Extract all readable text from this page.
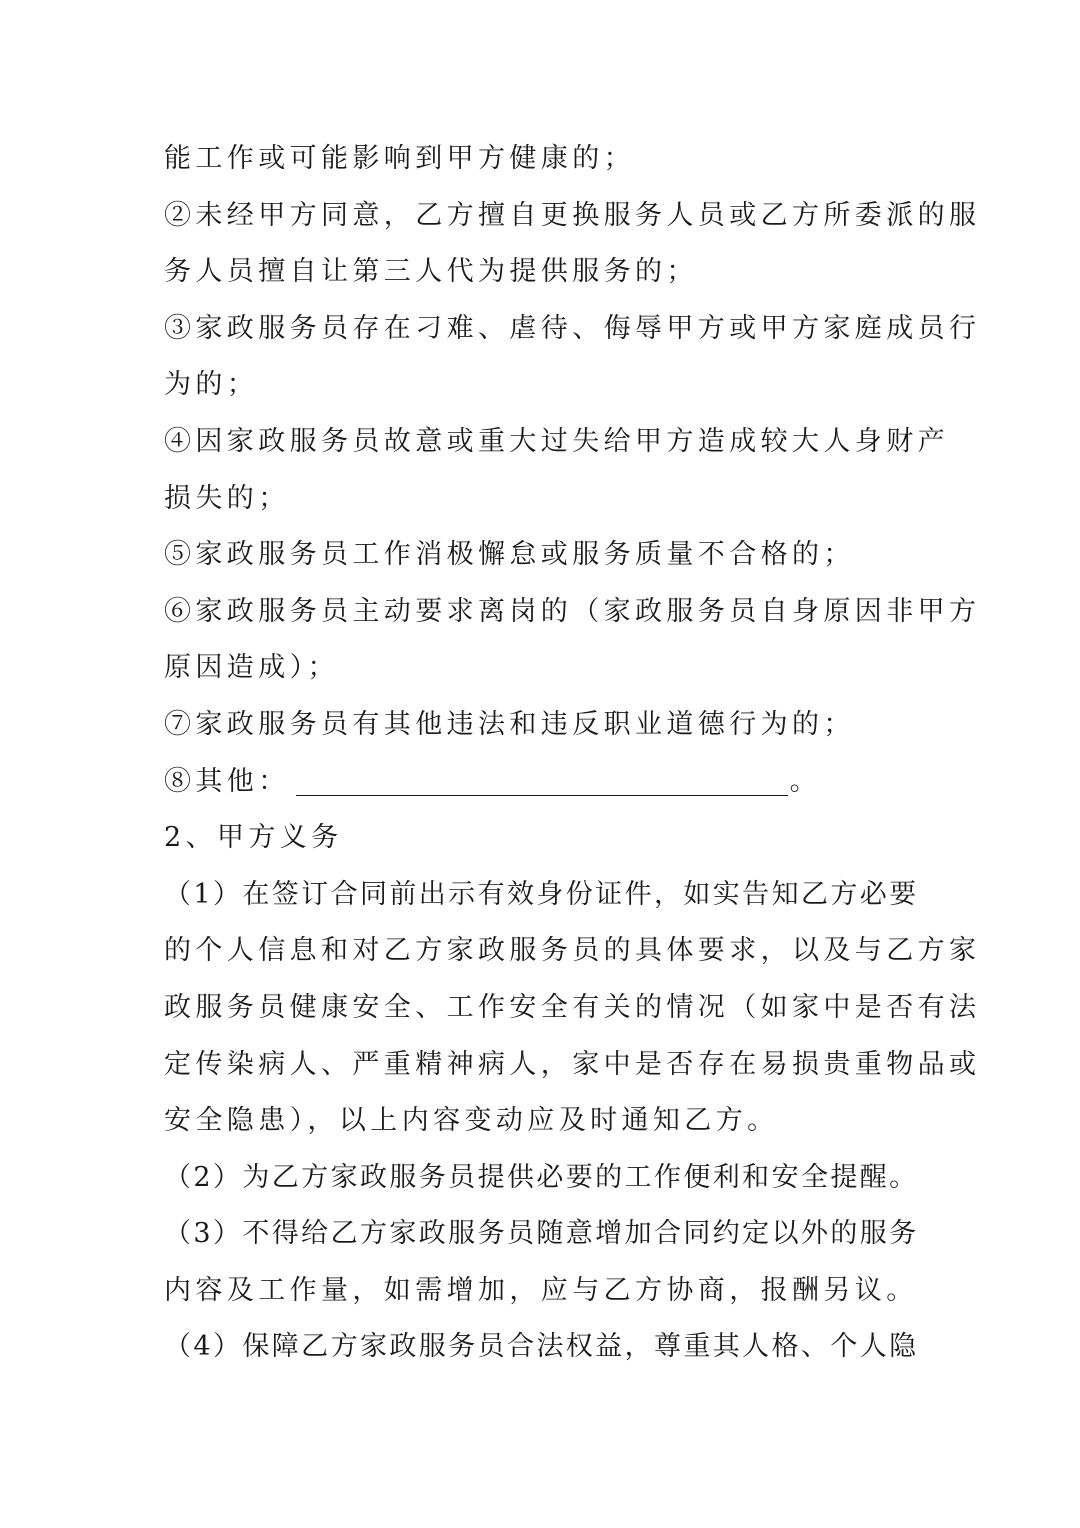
能工作或可能影响到甲方健康的；
②未经甲方同意，乙方擅自更换服务人员或乙方所委派的服
务人员擅自让第三人代为提供服务的；
③家政服务员存在刁难、虐待、侮辱甲方或甲方家庭成员行
为的；
④因家政服务员故意或重大过失给甲方造成较大人身财产
损失的；
⑤家政服务员工作消极懈怠或服务质量不合格的；
⑥家政服务员主动要求离岗的（家政服务员自身原因非甲方
原因造成）；
⑦家政服务员有其他违法和违反职业道德行为的；
⑧其他：	。
2、甲方义务
（1）在签订合同前出示有效身份证件，如实告知乙方必要
的个人信息和对乙方家政服务员的具体要求，以及与乙方家
政服务员健康安全、工作安全有关的情况（如家中是否有法
定传染病人、严重精神病人，家中是否存在易损贵重物品或
安全隐患），以上内容变动应及时通知乙方。
（2）为乙方家政服务员提供必要的工作便利和安全提醒。
（3）不得给乙方家政服务员随意增加合同约定以外的服务
内容及工作量，如需增加，应与乙方协商，报酬另议。
（4）保障乙方家政服务员合法权益，尊重其人格、个人隐
